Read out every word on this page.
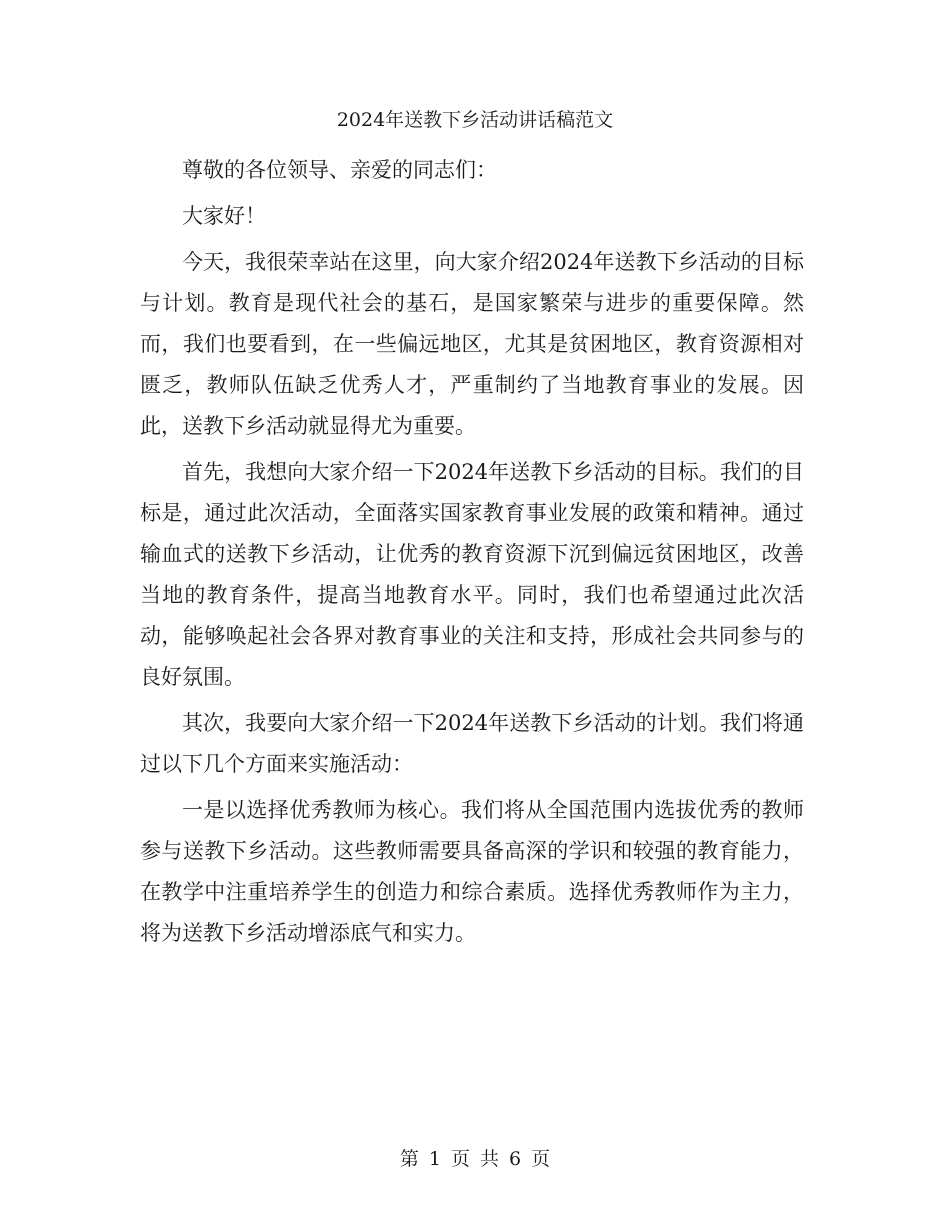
2024年送教下乡活动讲话稿范文

尊敬的各位领导、亲爱的同志们：

大家好！

今天，我很荣幸站在这里，向大家介绍2024年送教下乡活动的目标与计划。教育是现代社会的基石，是国家繁荣与进步的重要保障。然而，我们也要看到，在一些偏远地区，尤其是贫困地区，教育资源相对匮乏，教师队伍缺乏优秀人才，严重制约了当地教育事业的发展。因此，送教下乡活动就显得尤为重要。

首先，我想向大家介绍一下2024年送教下乡活动的目标。我们的目标是，通过此次活动，全面落实国家教育事业发展的政策和精神。通过输血式的送教下乡活动，让优秀的教育资源下沉到偏远贫困地区，改善当地的教育条件，提高当地教育水平。同时，我们也希望通过此次活动，能够唤起社会各界对教育事业的关注和支持，形成社会共同参与的良好氛围。

其次，我要向大家介绍一下2024年送教下乡活动的计划。我们将通过以下几个方面来实施活动：

一是以选择优秀教师为核心。我们将从全国范围内选拔优秀的教师参与送教下乡活动。这些教师需要具备高深的学识和较强的教育能力，在教学中注重培养学生的创造力和综合素质。选择优秀教师作为主力，将为送教下乡活动增添底气和实力。

第 1 页 共 6 页
